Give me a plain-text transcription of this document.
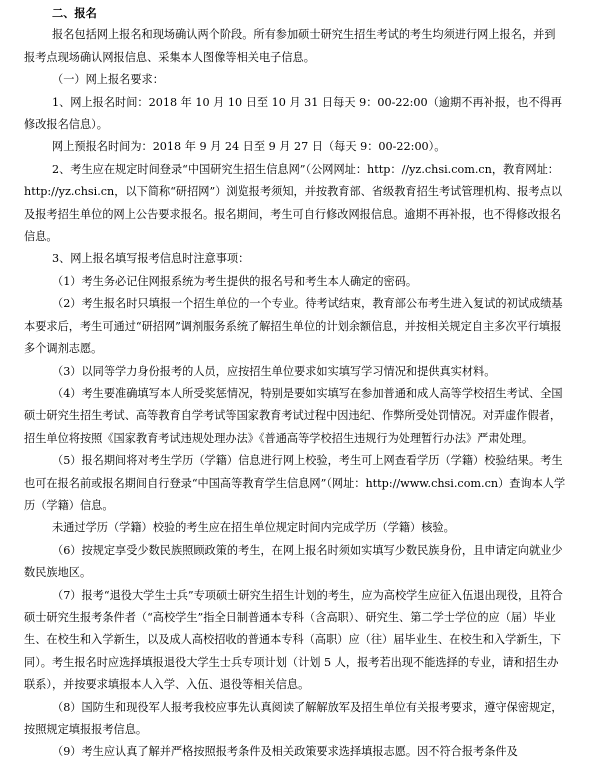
二、报名

报名包括网上报名和现场确认两个阶段。所有参加硕士研究生招生考试的考生均须进行网上报名，并到报考点现场确认网报信息、采集本人图像等相关电子信息。

（一）网上报名要求：

1、网上报名时间：2018 年 10 月 10 日至 10 月 31 日每天 9：00-22:00（逾期不再补报，也不得再修改报名信息）。

网上预报名时间为：2018 年 9 月 24 日至 9 月 27 日（每天 9：00-22:00）。

2、考生应在规定时间登录“中国研究生招生信息网”（公网网址：http：//yz.chsi.com.cn，教育网址：http://yz.chsi.cn，以下简称“研招网”）浏览报考须知，并按教育部、省级教育招生考试管理机构、报考点以及报考招生单位的网上公告要求报名。报名期间，考生可自行修改网报信息。逾期不再补报，也不得修改报名信息。

3、网上报名填写报考信息时注意事项：

（1）考生务必记住网报系统为考生提供的报名号和考生本人确定的密码。

（2）考生报名时只填报一个招生单位的一个专业。待考试结束，教育部公布考生进入复试的初试成绩基本要求后，考生可通过“研招网”调剂服务系统了解招生单位的计划余额信息，并按相关规定自主多次平行填报多个调剂志愿。

（3）以同等学力身份报考的人员，应按招生单位要求如实填写学习情况和提供真实材料。

（4）考生要准确填写本人所受奖惩情况，特别是要如实填写在参加普通和成人高等学校招生考试、全国硕士研究生招生考试、高等教育自学考试等国家教育考试过程中因违纪、作弊所受处罚情况。对弄虚作假者，招生单位将按照《国家教育考试违规处理办法》《普通高等学校招生违规行为处理暂行办法》严肃处理。

（5）报名期间将对考生学历（学籍）信息进行网上校验，考生可上网查看学历（学籍）校验结果。考生也可在报名前或报名期间自行登录“中国高等教育学生信息网”（网址：http://www.chsi.com.cn）查询本人学历（学籍）信息。

未通过学历（学籍）校验的考生应在招生单位规定时间内完成学历（学籍）核验。

（6）按规定享受少数民族照顾政策的考生，在网上报名时须如实填写少数民族身份，且申请定向就业少数民族地区。

（7）报考“退役大学生士兵”专项硕士研究生招生计划的考生，应为高校学生应征入伍退出现役，且符合硕士研究生报考条件者（“高校学生”指全日制普通本专科（含高职）、研究生、第二学士学位的应（届）毕业生、在校生和入学新生，以及成人高校招收的普通本专科（高职）应（往）届毕业生、在校生和入学新生，下同）。考生报名时应选择填报退役大学生士兵专项计划（计划 5 人，报考若出现不能选择的专业，请和招生办联系），并按要求填报本人入学、入伍、退役等相关信息。

（8）国防生和现役军人报考我校应事先认真阅读了解解放军及招生单位有关报考要求，遵守保密规定，按照规定填报报考信息。

（9）考生应认真了解并严格按照报考条件及相关政策要求选择填报志愿。因不符合报考条件及
